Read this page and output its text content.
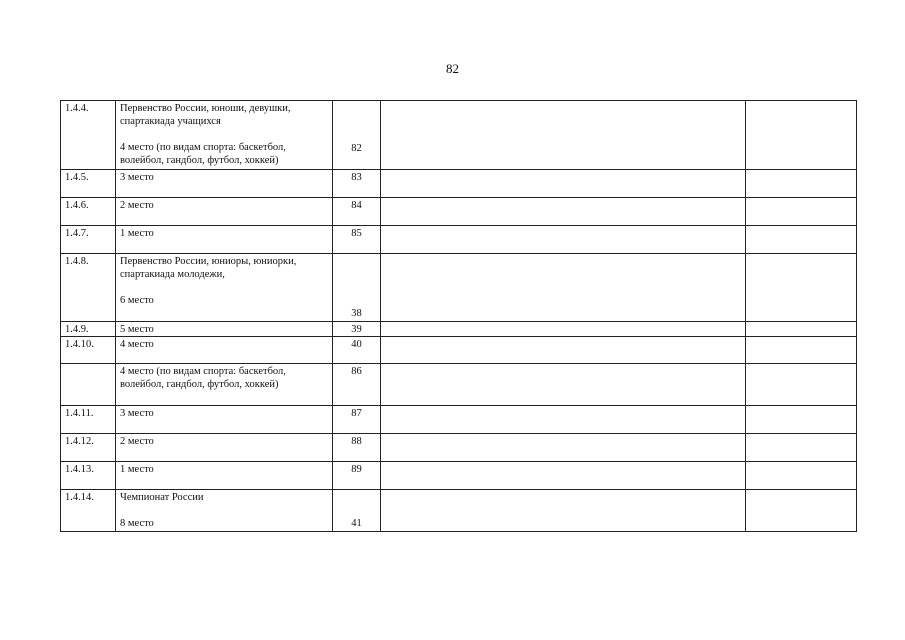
82
1.4.4.	Первенство России, юноши, девушки,
спартакиада учащихся
4 место (по видам спорта: баскетбол,
волейбол, гандбол, футбол, хоккей)	82		
1.4.5.	3 место	83		
1.4.6.	2 место	84		
1.4.7.	1 место	85		
1.4.8.	Первенство России, юниоры, юниорки,
спартакиада молодежи,
6 место	38		
1.4.9.	5 место	39		
1.4.10.	4 место	40		

	4 место (по видам спорта: баскетбол,
волейбол, гандбол, футбол, хоккей)	86		
1.4.11.	3 место	87		
1.4.12.	2 место	88		
1.4.13.	1 место	89		
1.4.14.	Чемпионат России
8 место	41		
